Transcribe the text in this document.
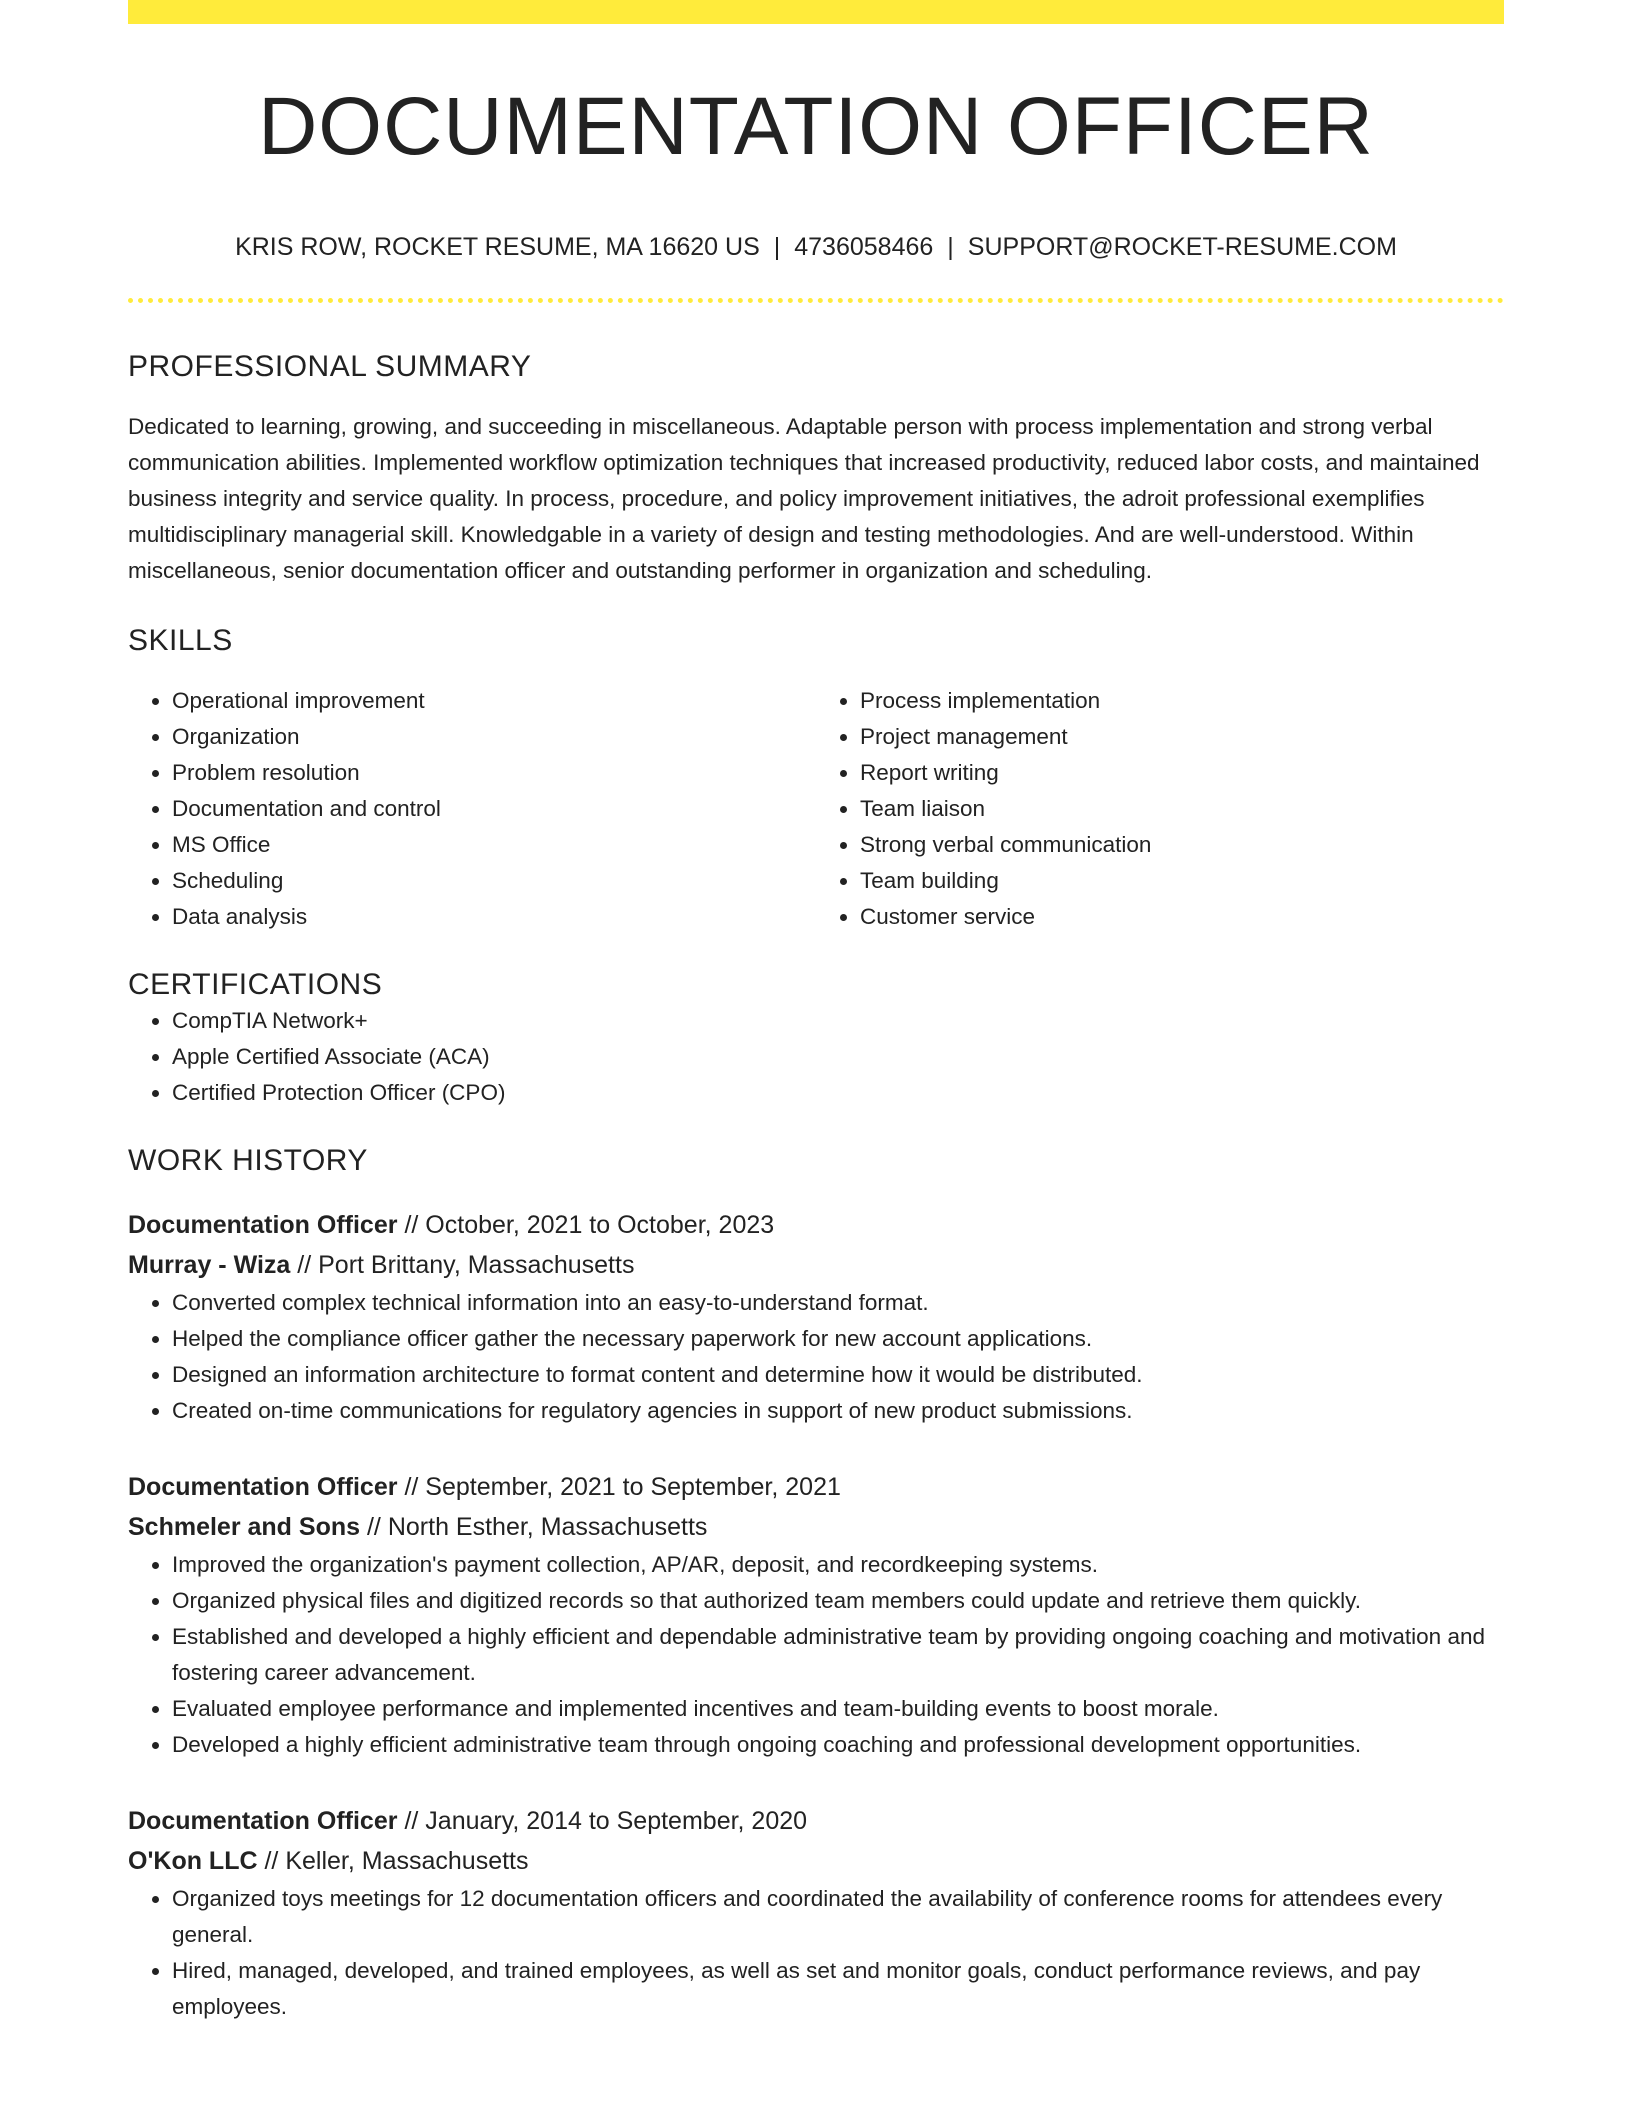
DOCUMENTATION OFFICER
KRIS ROW, ROCKET RESUME, MA 16620 US | 4736058466 | SUPPORT@ROCKET-RESUME.COM
PROFESSIONAL SUMMARY
Dedicated to learning, growing, and succeeding in miscellaneous. Adaptable person with process implementation and strong verbal communication abilities. Implemented workflow optimization techniques that increased productivity, reduced labor costs, and maintained business integrity and service quality. In process, procedure, and policy improvement initiatives, the adroit professional exemplifies multidisciplinary managerial skill. Knowledgable in a variety of design and testing methodologies. And are well-understood. Within miscellaneous, senior documentation officer and outstanding performer in organization and scheduling.
SKILLS
• Operational improvement
• Organization
• Problem resolution
• Documentation and control
• MS Office
• Scheduling
• Data analysis
• Process implementation
• Project management
• Report writing
• Team liaison
• Strong verbal communication
• Team building
• Customer service
CERTIFICATIONS
• CompTIA Network+
• Apple Certified Associate (ACA)
• Certified Protection Officer (CPO)
WORK HISTORY
Documentation Officer // October, 2021 to October, 2023
Murray - Wiza // Port Brittany, Massachusetts
• Converted complex technical information into an easy-to-understand format.
• Helped the compliance officer gather the necessary paperwork for new account applications.
• Designed an information architecture to format content and determine how it would be distributed.
• Created on-time communications for regulatory agencies in support of new product submissions.
Documentation Officer // September, 2021 to September, 2021
Schmeler and Sons // North Esther, Massachusetts
• Improved the organization's payment collection, AP/AR, deposit, and recordkeeping systems.
• Organized physical files and digitized records so that authorized team members could update and retrieve them quickly.
• Established and developed a highly efficient and dependable administrative team by providing ongoing coaching and motivation and fostering career advancement.
• Evaluated employee performance and implemented incentives and team-building events to boost morale.
• Developed a highly efficient administrative team through ongoing coaching and professional development opportunities.
Documentation Officer // January, 2014 to September, 2020
O'Kon LLC // Keller, Massachusetts
• Organized toys meetings for 12 documentation officers and coordinated the availability of conference rooms for attendees every general.
• Hired, managed, developed, and trained employees, as well as set and monitor goals, conduct performance reviews, and pay employees.
